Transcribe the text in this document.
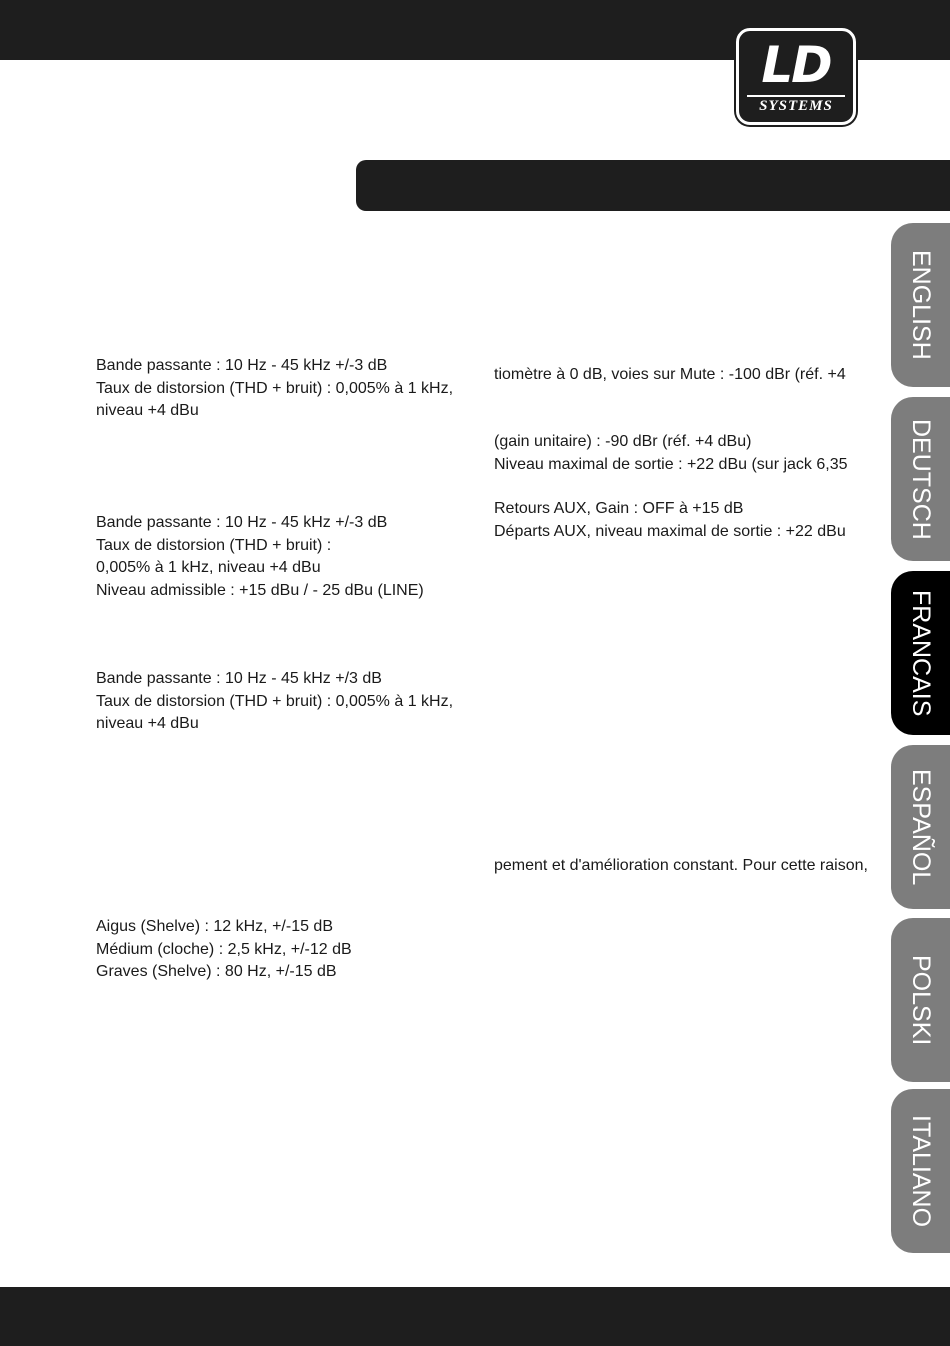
LD
SYSTEMS
Bande passante : 10 Hz - 45 kHz +/-3 dB
Taux de distorsion (THD + bruit) : 0,005% à 1 kHz,
niveau +4 dBu
Bande passante : 10 Hz - 45 kHz +/-3 dB
Taux de distorsion (THD + bruit) :
0,005% à 1 kHz, niveau +4 dBu
Niveau admissible : +15 dBu / - 25 dBu (LINE)
Bande passante : 10 Hz - 45 kHz +/3 dB
Taux de distorsion (THD + bruit) : 0,005% à 1 kHz,
niveau +4 dBu
Aigus (Shelve) : 12 kHz, +/-15 dB
Médium (cloche) : 2,5 kHz, +/-12 dB
Graves (Shelve) : 80 Hz, +/-15 dB
tiomètre à 0 dB, voies sur Mute : -100 dBr (réf. +4
(gain unitaire) : -90 dBr (réf. +4 dBu)
Niveau maximal de sortie : +22 dBu (sur jack 6,35
Retours AUX, Gain : OFF à +15 dB
Départs AUX, niveau maximal de sortie : +22 dBu
pement et d'amélioration constant. Pour cette raison,
ENGLISH
DEUTSCH
FRANCAIS
ESPAÑOL
POLSKI
ITALIANO
